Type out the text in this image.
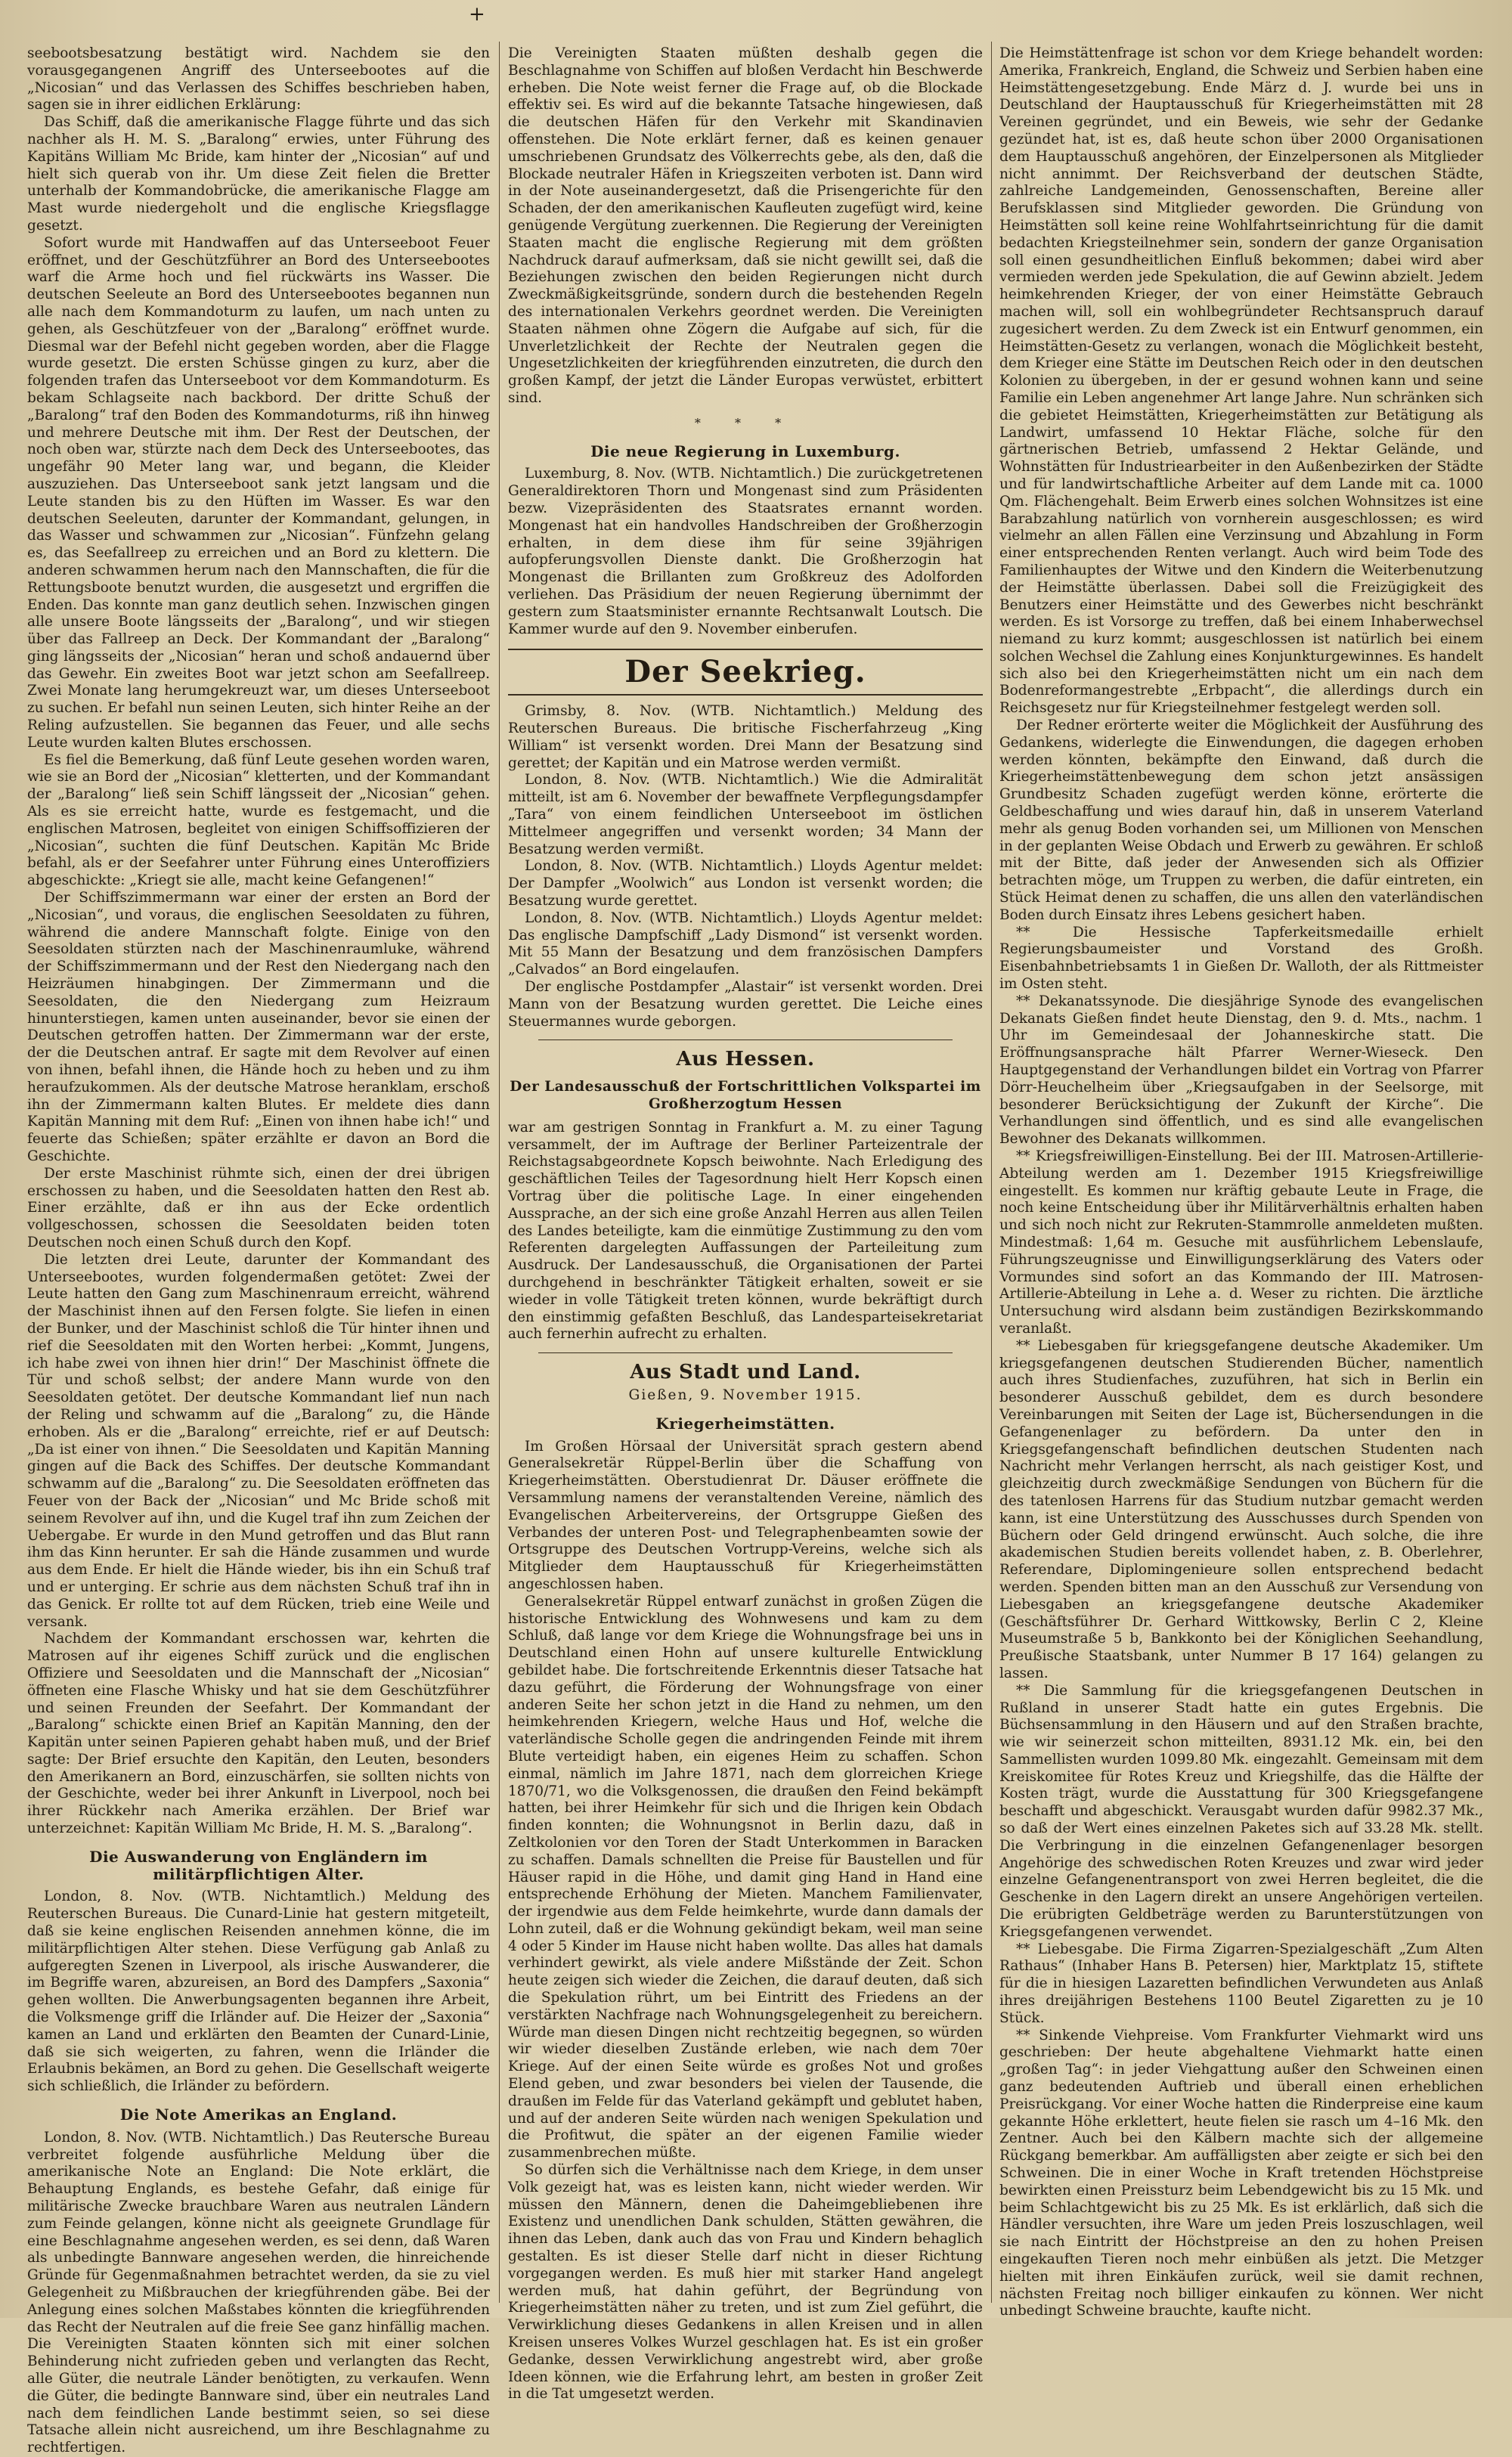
+

seebootsbesatzung bestätigt wird. Nachdem sie den vorausgegangenen Angriff des Unterseebootes auf die „Nicosian“ und das Verlassen des Schiffes beschrieben haben, sagen sie in ihrer eidlichen Erklärung:

Das Schiff, daß die amerikanische Flagge führte und das sich nachher als H. M. S. „Baralong“ erwies, unter Führung des Kapitäns William Mc Bride, kam hinter der „Nicosian“ auf und hielt sich querab von ihr. Um diese Zeit fielen die Bretter unterhalb der Kommandobrücke, die amerikanische Flagge am Mast wurde niedergeholt und die englische Kriegsflagge gesetzt.

Sofort wurde mit Handwaffen auf das Unterseeboot Feuer eröffnet, und der Geschützführer an Bord des Unterseebootes warf die Arme hoch und fiel rückwärts ins Wasser. Die deutschen Seeleute an Bord des Unterseebootes begannen nun alle nach dem Kommandoturm zu laufen, um nach unten zu gehen, als Geschützfeuer von der „Baralong“ eröffnet wurde. Diesmal war der Befehl nicht gegeben worden, aber die Flagge wurde gesetzt. Die ersten Schüsse gingen zu kurz, aber die folgenden trafen das Unterseeboot vor dem Kommandoturm. Es bekam Schlagseite nach backbord. Der dritte Schuß der „Baralong“ traf den Boden des Kommandoturms, riß ihn hinweg und mehrere Deutsche mit ihm. Der Rest der Deutschen, der noch oben war, stürzte nach dem Deck des Unterseebootes, das ungefähr 90 Meter lang war, und begann, die Kleider auszuziehen. Das Unterseeboot sank jetzt langsam und die Leute standen bis zu den Hüften im Wasser. Es war den deutschen Seeleuten, darunter der Kommandant, gelungen, in das Wasser und schwammen zur „Nicosian“. Fünfzehn gelang es, das Seefallreep zu erreichen und an Bord zu klettern. Die anderen schwammen herum nach den Mannschaften, die für die Rettungsboote benutzt wurden, die ausgesetzt und ergriffen die Enden. Das konnte man ganz deutlich sehen. Inzwischen gingen alle unsere Boote längsseits der „Baralong“, und wir stiegen über das Fallreep an Deck. Der Kommandant der „Baralong“ ging längsseits der „Nicosian“ heran und schoß andauernd über das Gewehr. Ein zweites Boot war jetzt schon am Seefallreep. Zwei Monate lang herumgekreuzt war, um dieses Unterseeboot zu suchen. Er befahl nun seinen Leuten, sich hinter Reihe an der Reling aufzustellen. Sie begannen das Feuer, und alle sechs Leute wurden kalten Blutes erschossen.

Es fiel die Bemerkung, daß fünf Leute gesehen worden waren, wie sie an Bord der „Nicosian“ kletterten, und der Kommandant der „Baralong“ ließ sein Schiff längsseit der „Nicosian“ gehen. Als es sie erreicht hatte, wurde es festgemacht, und die englischen Matrosen, begleitet von einigen Schiffsoffizieren der „Nicosian“, suchten die fünf Deutschen. Kapitän Mc Bride befahl, als er der Seefahrer unter Führung eines Unteroffiziers abgeschickte: „Kriegt sie alle, macht keine Gefangenen!“

Der Schiffszimmermann war einer der ersten an Bord der „Nicosian“, und voraus, die englischen Seesoldaten zu führen, während die andere Mannschaft folgte. Einige von den Seesoldaten stürzten nach der Maschinenraumluke, während der Schiffszimmermann und der Rest den Niedergang nach den Heizräumen hinabgingen. Der Zimmermann und die Seesoldaten, die den Niedergang zum Heizraum hinunterstiegen, kamen unten auseinander, bevor sie einen der Deutschen getroffen hatten. Der Zimmermann war der erste, der die Deutschen antraf. Er sagte mit dem Revolver auf einen von ihnen, befahl ihnen, die Hände hoch zu heben und zu ihm heraufzukommen. Als der deutsche Matrose heranklam, erschoß ihn der Zimmermann kalten Blutes. Er meldete dies dann Kapitän Manning mit dem Ruf: „Einen von ihnen habe ich!“ und feuerte das Schießen; später erzählte er davon an Bord die Geschichte.

Der erste Maschinist rühmte sich, einen der drei übrigen erschossen zu haben, und die Seesoldaten hatten den Rest ab. Einer erzählte, daß er ihn aus der Ecke ordentlich vollgeschossen, schossen die Seesoldaten beiden toten Deutschen noch einen Schuß durch den Kopf.

Die letzten drei Leute, darunter der Kommandant des Unterseebootes, wurden folgendermaßen getötet: Zwei der Leute hatten den Gang zum Maschinenraum erreicht, während der Maschinist ihnen auf den Fersen folgte. Sie liefen in einen der Bunker, und der Maschinist schloß die Tür hinter ihnen und rief die Seesoldaten mit den Worten herbei: „Kommt, Jungens, ich habe zwei von ihnen hier drin!“ Der Maschinist öffnete die Tür und schoß selbst; der andere Mann wurde von den Seesoldaten getötet. Der deutsche Kommandant lief nun nach der Reling und schwamm auf die „Baralong“ zu, die Hände erhoben. Als er die „Baralong“ erreichte, rief er auf Deutsch: „Da ist einer von ihnen.“ Die Seesoldaten und Kapitän Manning gingen auf die Back des Schiffes. Der deutsche Kommandant schwamm auf die „Baralong“ zu. Die Seesoldaten eröffneten das Feuer von der Back der „Nicosian“ und Mc Bride schoß mit seinem Revolver auf ihn, und die Kugel traf ihn zum Zeichen der Uebergabe. Er wurde in den Mund getroffen und das Blut rann ihm das Kinn herunter. Er sah die Hände zusammen und wurde aus dem Ende. Er hielt die Hände wieder, bis ihn ein Schuß traf und er unterging. Er schrie aus dem nächsten Schuß traf ihn in das Genick. Er rollte tot auf dem Rücken, trieb eine Weile und versank.

Nachdem der Kommandant erschossen war, kehrten die Matrosen auf ihr eigenes Schiff zurück und die englischen Offiziere und Seesoldaten und die Mannschaft der „Nicosian“ öffneten eine Flasche Whisky und hat sie dem Geschützführer und seinen Freunden der Seefahrt. Der Kommandant der „Baralong“ schickte einen Brief an Kapitän Manning, den der Kapitän unter seinen Papieren gehabt haben muß, und der Brief sagte: Der Brief ersuchte den Kapitän, den Leuten, besonders den Amerikanern an Bord, einzuschärfen, sie sollten nichts von der Geschichte, weder bei ihrer Ankunft in Liverpool, noch bei ihrer Rückkehr nach Amerika erzählen. Der Brief war unterzeichnet: Kapitän William Mc Bride, H. M. S. „Baralong“.

Die Auswanderung von Engländern im militärpflichtigen Alter.

London, 8. Nov. (WTB. Nichtamtlich.) Meldung des Reuterschen Bureaus. Die Cunard-Linie hat gestern mitgeteilt, daß sie keine englischen Reisenden annehmen könne, die im militärpflichtigen Alter stehen. Diese Verfügung gab Anlaß zu aufgeregten Szenen in Liverpool, als irische Auswanderer, die im Begriffe waren, abzureisen, an Bord des Dampfers „Saxonia“ gehen wollten. Die Anwerbungsagenten begannen ihre Arbeit, die Volksmenge griff die Irländer auf. Die Heizer der „Saxonia“ kamen an Land und erklärten den Beamten der Cunard-Linie, daß sie sich weigerten, zu fahren, wenn die Irländer die Erlaubnis bekämen, an Bord zu gehen. Die Gesellschaft weigerte sich schließlich, die Irländer zu befördern.

Die Note Amerikas an England.

London, 8. Nov. (WTB. Nichtamtlich.) Das Reutersche Bureau verbreitet folgende ausführliche Meldung über die amerikanische Note an England: Die Note erklärt, die Behauptung Englands, es bestehe Gefahr, daß einige für militärische Zwecke brauchbare Waren aus neutralen Ländern zum Feinde gelangen, könne nicht als geeignete Grundlage für eine Beschlagnahme angesehen werden, es sei denn, daß Waren als unbedingte Bannware angesehen werden, die hinreichende Gründe für Gegenmaßnahmen betrachtet werden, da sie zu viel Gelegenheit zu Mißbrauchen der kriegführenden gäbe. Bei der Anlegung eines solchen Maßstabes könnten die kriegführenden das Recht der Neutralen auf die freie See ganz hinfällig machen. Die Vereinigten Staaten könnten sich mit einer solchen Behinderung nicht zufrieden geben und verlangten das Recht, alle Güter, die neutrale Länder benötigten, zu verkaufen. Wenn die Güter, die bedingte Bannware sind, über ein neutrales Land nach dem feindlichen Lande bestimmt seien, so sei diese Tatsache allein nicht ausreichend, um ihre Beschlagnahme zu rechtfertigen.

Die Vereinigten Staaten müßten deshalb gegen die Beschlagnahme von Schiffen auf bloßen Verdacht hin Beschwerde erheben. Die Note weist ferner die Frage auf, ob die Blockade effektiv sei. Es wird auf die bekannte Tatsache hingewiesen, daß die deutschen Häfen für den Verkehr mit Skandinavien offenstehen. Die Note erklärt ferner, daß es keinen genauer umschriebenen Grundsatz des Völkerrechts gebe, als den, daß die Blockade neutraler Häfen in Kriegszeiten verboten ist. Dann wird in der Note auseinandergesetzt, daß die Prisengerichte für den Schaden, der den amerikanischen Kaufleuten zugefügt wird, keine genügende Vergütung zuerkennen. Die Regierung der Vereinigten Staaten macht die englische Regierung mit dem größten Nachdruck darauf aufmerksam, daß sie nicht gewillt sei, daß die Beziehungen zwischen den beiden Regierungen nicht durch Zweckmäßigkeitsgründe, sondern durch die bestehenden Regeln des internationalen Verkehrs geordnet werden. Die Vereinigten Staaten nähmen ohne Zögern die Aufgabe auf sich, für die Unverletzlichkeit der Rechte der Neutralen gegen die Ungesetzlichkeiten der kriegführenden einzutreten, die durch den großen Kampf, der jetzt die Länder Europas verwüstet, erbittert sind.

* * *
Die neue Regierung in Luxemburg.

Luxemburg, 8. Nov. (WTB. Nichtamtlich.) Die zurückgetretenen Generaldirektoren Thorn und Mongenast sind zum Präsidenten bezw. Vizepräsidenten des Staatsrates ernannt worden. Mongenast hat ein handvolles Handschreiben der Großherzogin erhalten, in dem diese ihm für seine 39jährigen aufopferungsvollen Dienste dankt. Die Großherzogin hat Mongenast die Brillanten zum Großkreuz des Adolforden verliehen. Das Präsidium der neuen Regierung übernimmt der gestern zum Staatsminister ernannte Rechtsanwalt Loutsch. Die Kammer wurde auf den 9. November einberufen.

Der Seekrieg.

Grimsby, 8. Nov. (WTB. Nichtamtlich.) Meldung des Reuterschen Bureaus. Die britische Fischerfahrzeug „King William“ ist versenkt worden. Drei Mann der Besatzung sind gerettet; der Kapitän und ein Matrose werden vermißt.

London, 8. Nov. (WTB. Nichtamtlich.) Wie die Admiralität mitteilt, ist am 6. November der bewaffnete Verpflegungsdampfer „Tara“ von einem feindlichen Unterseeboot im östlichen Mittelmeer angegriffen und versenkt worden; 34 Mann der Besatzung werden vermißt.

London, 8. Nov. (WTB. Nichtamtlich.) Lloyds Agentur meldet: Der Dampfer „Woolwich“ aus London ist versenkt worden; die Besatzung wurde gerettet.

London, 8. Nov. (WTB. Nichtamtlich.) Lloyds Agentur meldet: Das englische Dampfschiff „Lady Dismond“ ist versenkt worden. Mit 55 Mann der Besatzung und dem französischen Dampfers „Calvados“ an Bord eingelaufen.

Der englische Postdampfer „Alastair“ ist versenkt worden. Drei Mann von der Besatzung wurden gerettet. Die Leiche eines Steuermannes wurde geborgen.

Aus Hessen.
Der Landesausschuß der Fortschrittlichen Volkspartei im Großherzogtum Hessen

war am gestrigen Sonntag in Frankfurt a. M. zu einer Tagung versammelt, der im Auftrage der Berliner Parteizentrale der Reichstagsabgeordnete Kopsch beiwohnte. Nach Erledigung des geschäftlichen Teiles der Tagesordnung hielt Herr Kopsch einen Vortrag über die politische Lage. In einer eingehenden Aussprache, an der sich eine große Anzahl Herren aus allen Teilen des Landes beteiligte, kam die einmütige Zustimmung zu den vom Referenten dargelegten Auffassungen der Parteileitung zum Ausdruck. Der Landesausschuß, die Organisationen der Partei durchgehend in beschränkter Tätigkeit erhalten, soweit er sie wieder in volle Tätigkeit treten können, wurde bekräftigt durch den einstimmig gefaßten Beschluß, das Landesparteisekretariat auch fernerhin aufrecht zu erhalten.

Aus Stadt und Land.
Gießen, 9. November 1915.
Kriegerheimstätten.

Im Großen Hörsaal der Universität sprach gestern abend Generalsekretär Rüppel-Berlin über die Schaffung von Kriegerheimstätten. Oberstudienrat Dr. Däuser eröffnete die Versammlung namens der veranstaltenden Vereine, nämlich des Evangelischen Arbeitervereins, der Ortsgruppe Gießen des Verbandes der unteren Post- und Telegraphenbeamten sowie der Ortsgruppe des Deutschen Vortrupp-Vereins, welche sich als Mitglieder dem Hauptausschuß für Kriegerheimstätten angeschlossen haben.

Generalsekretär Rüppel entwarf zunächst in großen Zügen die historische Entwicklung des Wohnwesens und kam zu dem Schluß, daß lange vor dem Kriege die Wohnungsfrage bei uns in Deutschland einen Hohn auf unsere kulturelle Entwicklung gebildet habe. Die fortschreitende Erkenntnis dieser Tatsache hat dazu geführt, die Förderung der Wohnungsfrage von einer anderen Seite her schon jetzt in die Hand zu nehmen, um den heimkehrenden Kriegern, welche Haus und Hof, welche die vaterländische Scholle gegen die andringenden Feinde mit ihrem Blute verteidigt haben, ein eigenes Heim zu schaffen. Schon einmal, nämlich im Jahre 1871, nach dem glorreichen Kriege 1870/71, wo die Volksgenossen, die draußen den Feind bekämpft hatten, bei ihrer Heimkehr für sich und die Ihrigen kein Obdach finden konnten; die Wohnungsnot in Berlin dazu, daß in Zeltkolonien vor den Toren der Stadt Unterkommen in Baracken zu schaffen. Damals schnellten die Preise für Baustellen und für Häuser rapid in die Höhe, und damit ging Hand in Hand eine entsprechende Erhöhung der Mieten. Manchem Familienvater, der irgendwie aus dem Felde heimkehrte, wurde dann damals der Lohn zuteil, daß er die Wohnung gekündigt bekam, weil man seine 4 oder 5 Kinder im Hause nicht haben wollte. Das alles hat damals verhindert gewirkt, als viele andere Mißstände der Zeit. Schon heute zeigen sich wieder die Zeichen, die darauf deuten, daß sich die Spekulation rührt, um bei Eintritt des Friedens an der verstärkten Nachfrage nach Wohnungsgelegenheit zu bereichern. Würde man diesen Dingen nicht rechtzeitig begegnen, so würden wir wieder dieselben Zustände erleben, wie nach dem 70er Kriege. Auf der einen Seite würde es großes Not und großes Elend geben, und zwar besonders bei vielen der Tausende, die draußen im Felde für das Vaterland gekämpft und geblutet haben, und auf der anderen Seite würden nach wenigen Spekulation und die Profitwut, die später an der eigenen Familie wieder zusammenbrechen müßte.

So dürfen sich die Verhältnisse nach dem Kriege, in dem unser Volk gezeigt hat, was es leisten kann, nicht wieder werden. Wir müssen den Männern, denen die Daheimgebliebenen ihre Existenz und unendlichen Dank schulden, Stätten gewähren, die ihnen das Leben, dank auch das von Frau und Kindern behaglich gestalten. Es ist dieser Stelle darf nicht in dieser Richtung vorgegangen werden. Es muß hier mit starker Hand angelegt werden muß, hat dahin geführt, der Begründung von Kriegerheimstätten näher zu treten, und ist zum Ziel geführt, die Verwirklichung dieses Gedankens in allen Kreisen und in allen Kreisen unseres Volkes Wurzel geschlagen hat. Es ist ein großer Gedanke, dessen Verwirklichung angestrebt wird, aber große Ideen können, wie die Erfahrung lehrt, am besten in großer Zeit in die Tat umgesetzt werden.

Die Heimstättenfrage ist schon vor dem Kriege behandelt worden: Amerika, Frankreich, England, die Schweiz und Serbien haben eine Heimstättengesetzgebung. Ende März d. J. wurde bei uns in Deutschland der Hauptausschuß für Kriegerheimstätten mit 28 Vereinen gegründet, und ein Beweis, wie sehr der Gedanke gezündet hat, ist es, daß heute schon über 2000 Organisationen dem Hauptausschuß angehören, der Einzelpersonen als Mitglieder nicht annimmt. Der Reichsverband der deutschen Städte, zahlreiche Landgemeinden, Genossenschaften, Bereine aller Berufsklassen sind Mitglieder geworden. Die Gründung von Heimstätten soll keine reine Wohlfahrtseinrichtung für die damit bedachten Kriegsteilnehmer sein, sondern der ganze Organisation soll einen gesundheitlichen Einfluß bekommen; dabei wird aber vermieden werden jede Spekulation, die auf Gewinn abzielt. Jedem heimkehrenden Krieger, der von einer Heimstätte Gebrauch machen will, soll ein wohlbegründeter Rechtsanspruch darauf zugesichert werden. Zu dem Zweck ist ein Entwurf genommen, ein Heimstätten-Gesetz zu verlangen, wonach die Möglichkeit besteht, dem Krieger eine Stätte im Deutschen Reich oder in den deutschen Kolonien zu übergeben, in der er gesund wohnen kann und seine Familie ein Leben angenehmer Art lange Jahre. Nun schränken sich die gebietet Heimstätten, Kriegerheimstätten zur Betätigung als Landwirt, umfassend 10 Hektar Fläche, solche für den gärtnerischen Betrieb, umfassend 2 Hektar Gelände, und Wohnstätten für Industriearbeiter in den Außenbezirken der Städte und für landwirtschaftliche Arbeiter auf dem Lande mit ca. 1000 Qm. Flächengehalt. Beim Erwerb eines solchen Wohnsitzes ist eine Barabzahlung natürlich von vornherein ausgeschlossen; es wird vielmehr an allen Fällen eine Verzinsung und Abzahlung in Form einer entsprechenden Renten verlangt. Auch wird beim Tode des Familienhauptes der Witwe und den Kindern die Weiterbenutzung der Heimstätte überlassen. Dabei soll die Freizügigkeit des Benutzers einer Heimstätte und des Gewerbes nicht beschränkt werden. Es ist Vorsorge zu treffen, daß bei einem Inhaberwechsel niemand zu kurz kommt; ausgeschlossen ist natürlich bei einem solchen Wechsel die Zahlung eines Konjunkturgewinnes. Es handelt sich also bei den Kriegerheimstätten nicht um ein nach dem Bodenreformangestrebte „Erbpacht“, die allerdings durch ein Reichsgesetz nur für Kriegsteilnehmer festgelegt werden soll.

Der Redner erörterte weiter die Möglichkeit der Ausführung des Gedankens, widerlegte die Einwendungen, die dagegen erhoben werden könnten, bekämpfte den Einwand, daß durch die Kriegerheimstättenbewegung dem schon jetzt ansässigen Grundbesitz Schaden zugefügt werden könne, erörterte die Geldbeschaffung und wies darauf hin, daß in unserem Vaterland mehr als genug Boden vorhanden sei, um Millionen von Menschen in der geplanten Weise Obdach und Erwerb zu gewähren. Er schloß mit der Bitte, daß jeder der Anwesenden sich als Offizier betrachten möge, um Truppen zu werben, die dafür eintreten, ein Stück Heimat denen zu schaffen, die uns allen den vaterländischen Boden durch Einsatz ihres Lebens gesichert haben.

** Die Hessische Tapferkeitsmedaille erhielt Regierungsbaumeister und Vorstand des Großh. Eisenbahnbetriebsamts 1 in Gießen Dr. Walloth, der als Rittmeister im Osten steht.

** Dekanatssynode. Die diesjährige Synode des evangelischen Dekanats Gießen findet heute Dienstag, den 9. d. Mts., nachm. 1 Uhr im Gemeindesaal der Johanneskirche statt. Die Eröffnungsansprache hält Pfarrer Werner-Wieseck. Den Hauptgegenstand der Verhandlungen bildet ein Vortrag von Pfarrer Dörr-Heuchelheim über „Kriegsaufgaben in der Seelsorge, mit besonderer Berücksichtigung der Zukunft der Kirche“. Die Verhandlungen sind öffentlich, und es sind alle evangelischen Bewohner des Dekanats willkommen.

** Kriegsfreiwilligen-Einstellung. Bei der III. Matrosen-Artillerie-Abteilung werden am 1. Dezember 1915 Kriegsfreiwillige eingestellt. Es kommen nur kräftig gebaute Leute in Frage, die noch keine Entscheidung über ihr Militärverhältnis erhalten haben und sich noch nicht zur Rekruten-Stammrolle anmeldeten mußten. Mindestmaß: 1,64 m. Gesuche mit ausführlichem Lebenslaufe, Führungszeugnisse und Einwilligungserklärung des Vaters oder Vormundes sind sofort an das Kommando der III. Matrosen-Artillerie-Abteilung in Lehe a. d. Weser zu richten. Die ärztliche Untersuchung wird alsdann beim zuständigen Bezirkskommando veranlaßt.

** Liebesgaben für kriegsgefangene deutsche Akademiker. Um kriegsgefangenen deutschen Studierenden Bücher, namentlich auch ihres Studienfaches, zuzuführen, hat sich in Berlin ein besonderer Ausschuß gebildet, dem es durch besondere Vereinbarungen mit Seiten der Lage ist, Büchersendungen in die Gefangenenlager zu befördern. Da unter den in Kriegsgefangenschaft befindlichen deutschen Studenten nach Nachricht mehr Verlangen herrscht, als nach geistiger Kost, und gleichzeitig durch zweckmäßige Sendungen von Büchern für die des tatenlosen Harrens für das Studium nutzbar gemacht werden kann, ist eine Unterstützung des Ausschusses durch Spenden von Büchern oder Geld dringend erwünscht. Auch solche, die ihre akademischen Studien bereits vollendet haben, z. B. Oberlehrer, Referendare, Diplomingenieure sollen entsprechend bedacht werden. Spenden bitten man an den Ausschuß zur Versendung von Liebesgaben an kriegsgefangene deutsche Akademiker (Geschäftsführer Dr. Gerhard Wittkowsky, Berlin C 2, Kleine Museumstraße 5 b, Bankkonto bei der Königlichen Seehandlung, Preußische Staatsbank, unter Nummer B 17 164) gelangen zu lassen.

** Die Sammlung für die kriegsgefangenen Deutschen in Rußland in unserer Stadt hatte ein gutes Ergebnis. Die Büchsensammlung in den Häusern und auf den Straßen brachte, wie wir seinerzeit schon mitteilten, 8931.12 Mk. ein, bei den Sammellisten wurden 1099.80 Mk. eingezahlt. Gemeinsam mit dem Kreiskomitee für Rotes Kreuz und Kriegshilfe, das die Hälfte der Kosten trägt, wurde die Ausstattung für 300 Kriegsgefangene beschafft und abgeschickt. Verausgabt wurden dafür 9982.37 Mk., so daß der Wert eines einzelnen Paketes sich auf 33.28 Mk. stellt. Die Verbringung in die einzelnen Gefangenenlager besorgen Angehörige des schwedischen Roten Kreuzes und zwar wird jeder einzelne Gefangenentransport von zwei Herren begleitet, die die Geschenke in den Lagern direkt an unsere Angehörigen verteilen. Die erübrigten Geldbeträge werden zu Barunterstützungen von Kriegsgefangenen verwendet.

** Liebesgabe. Die Firma Zigarren-Spezialgeschäft „Zum Alten Rathaus“ (Inhaber Hans B. Petersen) hier, Marktplatz 15, stiftete für die in hiesigen Lazaretten befindlichen Verwundeten aus Anlaß ihres dreijährigen Bestehens 1100 Beutel Zigaretten zu je 10 Stück.

** Sinkende Viehpreise. Vom Frankfurter Viehmarkt wird uns geschrieben: Der heute abgehaltene Viehmarkt hatte einen „großen Tag“: in jeder Viehgattung außer den Schweinen einen ganz bedeutenden Auftrieb und überall einen erheblichen Preisrückgang. Vor einer Woche hatten die Rinderpreise eine kaum gekannte Höhe erklettert, heute fielen sie rasch um 4–16 Mk. den Zentner. Auch bei den Kälbern machte sich der allgemeine Rückgang bemerkbar. Am auffälligsten aber zeigte er sich bei den Schweinen. Die in einer Woche in Kraft tretenden Höchstpreise bewirkten einen Preissturz beim Lebendgewicht bis zu 15 Mk. und beim Schlachtgewicht bis zu 25 Mk. Es ist erklärlich, daß sich die Händler versuchten, ihre Ware um jeden Preis loszuschlagen, weil sie nach Eintritt der Höchstpreise an den zu hohen Preisen eingekauften Tieren noch mehr einbüßen als jetzt. Die Metzger hielten mit ihren Einkäufen zurück, weil sie damit rechnen, nächsten Freitag noch billiger einkaufen zu können. Wer nicht unbedingt Schweine brauchte, kaufte nicht.
